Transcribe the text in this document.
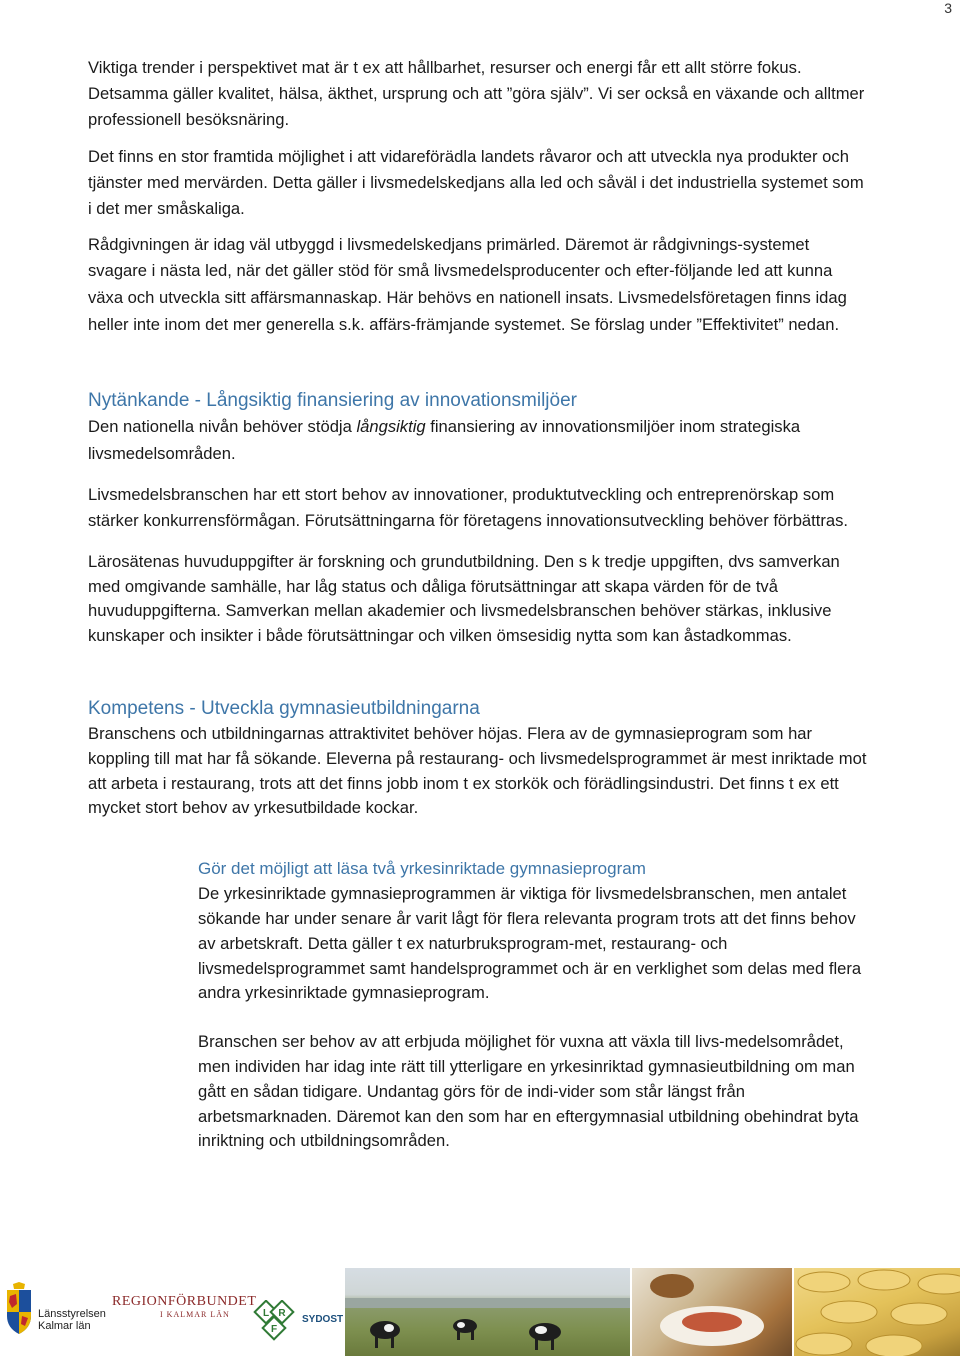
3

Viktiga trender i perspektivet mat är t ex att hållbarhet, resurser och energi får ett allt större fokus. Detsamma gäller kvalitet, hälsa, äkthet, ursprung och att ”göra själv”. Vi ser också en växande och alltmer professionell besöksnäring.

Det finns en stor framtida möjlighet i att vidareförädla landets råvaror och att utveckla nya produkter och tjänster med mervärden. Detta gäller i livsmedelskedjans alla led och såväl i det industriella systemet som i det mer småskaliga.

Rådgivningen är idag väl utbyggd i livsmedelskedjans primärled. Däremot är rådgivnings-systemet svagare i nästa led, när det gäller stöd för små livsmedelsproducenter och efter-följande led att kunna växa och utveckla sitt affärsmannaskap. Här behövs en nationell insats. Livsmedelsföretagen finns idag heller inte inom det mer generella s.k. affärs-främjande systemet. Se förslag under ”Effektivitet” nedan.

Nytänkande - Långsiktig finansiering av innovationsmiljöer

Den nationella nivån behöver stödja långsiktig finansiering av innovationsmiljöer inom strategiska livsmedelsområden.

Livsmedelsbranschen har ett stort behov av innovationer, produktutveckling och entreprenörskap som stärker konkurrensförmågan. Förutsättningarna för företagens innovationsutveckling behöver förbättras.

Lärosätenas huvuduppgifter är forskning och grundutbildning. Den s k tredje uppgiften, dvs samverkan med omgivande samhälle, har låg status och dåliga förutsättningar att skapa värden för de två huvuduppgifterna. Samverkan mellan akademier och livsmedelsbranschen behöver stärkas, inklusive kunskaper och insikter i både förutsättningar och vilken ömsesidig nytta som kan åstadkommas.

Kompetens - Utveckla gymnasieutbildningarna

Branschens och utbildningarnas attraktivitet behöver höjas. Flera av de gymnasieprogram som har koppling till mat har få sökande. Eleverna på restaurang- och livsmedelsprogrammet är mest inriktade mot att arbeta i restaurang, trots att det finns jobb inom t ex storkök och förädlingsindustri. Det finns t ex ett mycket stort behov av yrkesutbildade kockar.

Gör det möjligt att läsa två yrkesinriktade gymnasieprogram

De yrkesinriktade gymnasieprogrammen är viktiga för livsmedelsbranschen, men antalet sökande har under senare år varit lågt för flera relevanta program trots att det finns behov av arbetskraft. Detta gäller t ex naturbruksprogram-met, restaurang- och livsmedelsprogrammet samt handelsprogrammet och är en verklighet som delas med flera andra yrkesinriktade gymnasieprogram.

Branschen ser behov av att erbjuda möjlighet för vuxna att växla till livs-medelsområdet, men individen har idag inte rätt till ytterligare en yrkesinriktad gymnasieutbildning om man gått en sådan tidigare. Undantag görs för de indi-vider som står längst från arbetsmarknaden. Däremot kan den som har en eftergymnasial utbildning obehindrat byta inriktning och utbildningsområden.

Länsstyrelsen
Kalmar län
REGIONFÖRBUNDET
I KALMAR LÄN	L R
F
SYDOST
